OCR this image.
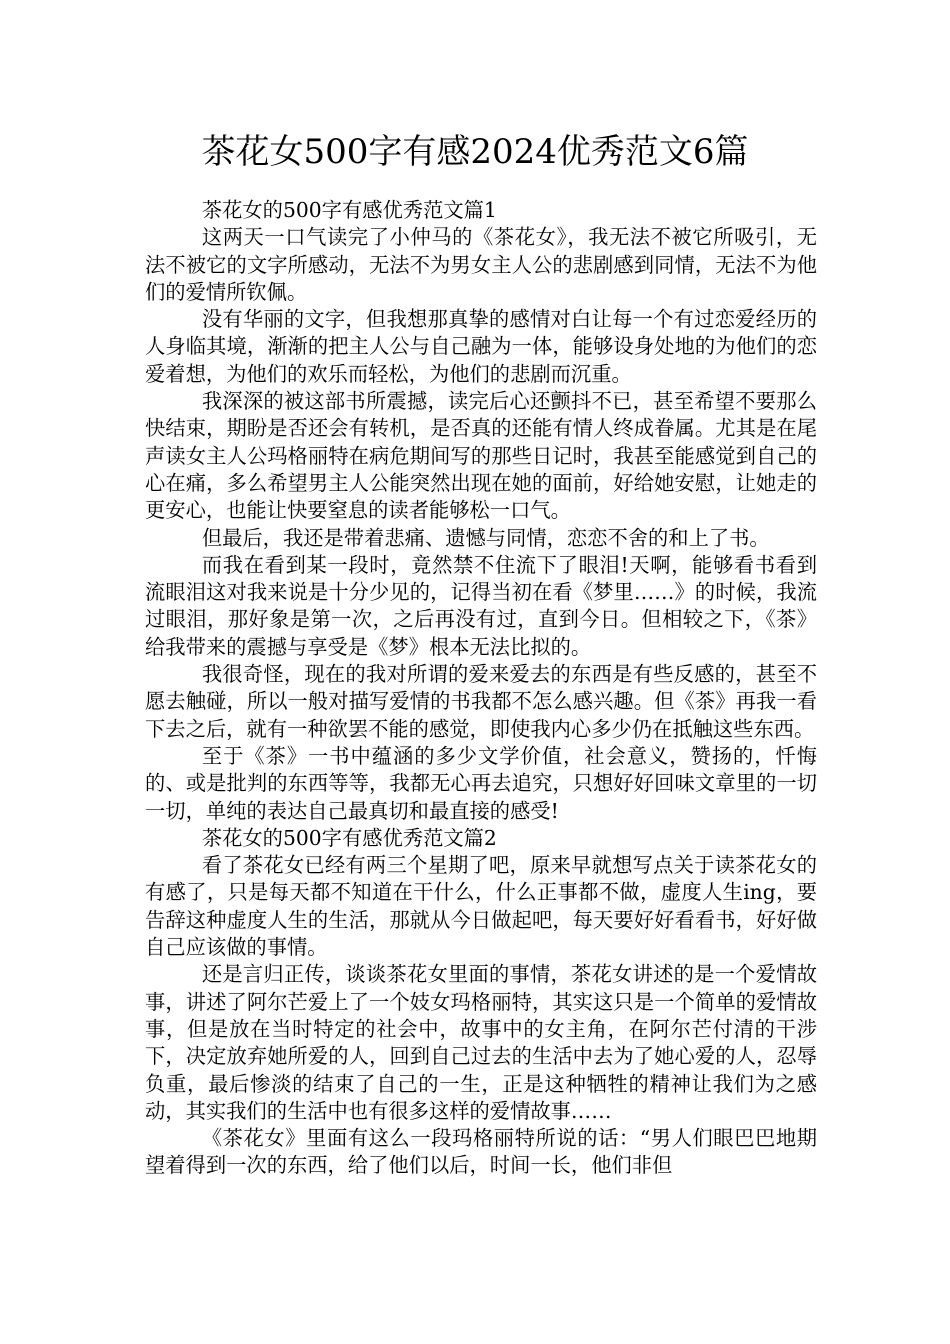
茶花女500字有感2024优秀范文6篇

茶花女的500字有感优秀范文篇1

这两天一口气读完了小仲马的《茶花女》，我无法不被它所吸引，无法不被它的文字所感动，无法不为男女主人公的悲剧感到同情，无法不为他们的爱情所钦佩。

没有华丽的文字，但我想那真挚的感情对白让每一个有过恋爱经历的人身临其境，渐渐的把主人公与自己融为一体，能够设身处地的为他们的恋爱着想，为他们的欢乐而轻松，为他们的悲剧而沉重。

我深深的被这部书所震撼，读完后心还颤抖不已，甚至希望不要那么快结束，期盼是否还会有转机，是否真的还能有情人终成眷属。尤其是在尾声读女主人公玛格丽特在病危期间写的那些日记时，我甚至能感觉到自己的心在痛，多么希望男主人公能突然出现在她的面前，好给她安慰，让她走的更安心，也能让快要窒息的读者能够松一口气。

但最后，我还是带着悲痛、遗憾与同情，恋恋不舍的和上了书。

而我在看到某一段时，竟然禁不住流下了眼泪!天啊，能够看书看到流眼泪这对我来说是十分少见的，记得当初在看《梦里……》的时候，我流过眼泪，那好象是第一次，之后再没有过，直到今日。但相较之下，《茶》给我带来的震撼与享受是《梦》根本无法比拟的。

我很奇怪，现在的我对所谓的爱来爱去的东西是有些反感的，甚至不愿去触碰，所以一般对描写爱情的书我都不怎么感兴趣。但《茶》再我一看下去之后，就有一种欲罢不能的感觉，即使我内心多少仍在抵触这些东西。

至于《茶》一书中蕴涵的多少文学价值，社会意义，赞扬的，忏悔的、或是批判的东西等等，我都无心再去追究，只想好好回味文章里的一切一切，单纯的表达自己最真切和最直接的感受!

茶花女的500字有感优秀范文篇2

看了茶花女已经有两三个星期了吧，原来早就想写点关于读茶花女的有感了，只是每天都不知道在干什么，什么正事都不做，虚度人生ing，要告辞这种虚度人生的生活，那就从今日做起吧，每天要好好看看书，好好做自己应该做的事情。

还是言归正传，谈谈茶花女里面的事情，茶花女讲述的是一个爱情故事，讲述了阿尔芒爱上了一个妓女玛格丽特，其实这只是一个简单的爱情故事，但是放在当时特定的社会中，故事中的女主角，在阿尔芒付清的干涉下，决定放弃她所爱的人，回到自己过去的生活中去为了她心爱的人，忍辱负重，最后惨淡的结束了自己的一生，正是这种牺牲的精神让我们为之感动，其实我们的生活中也有很多这样的爱情故事……

《茶花女》里面有这么一段玛格丽特所说的话：“男人们眼巴巴地期望着得到一次的东西，给了他们以后，时间一长，他们非但
